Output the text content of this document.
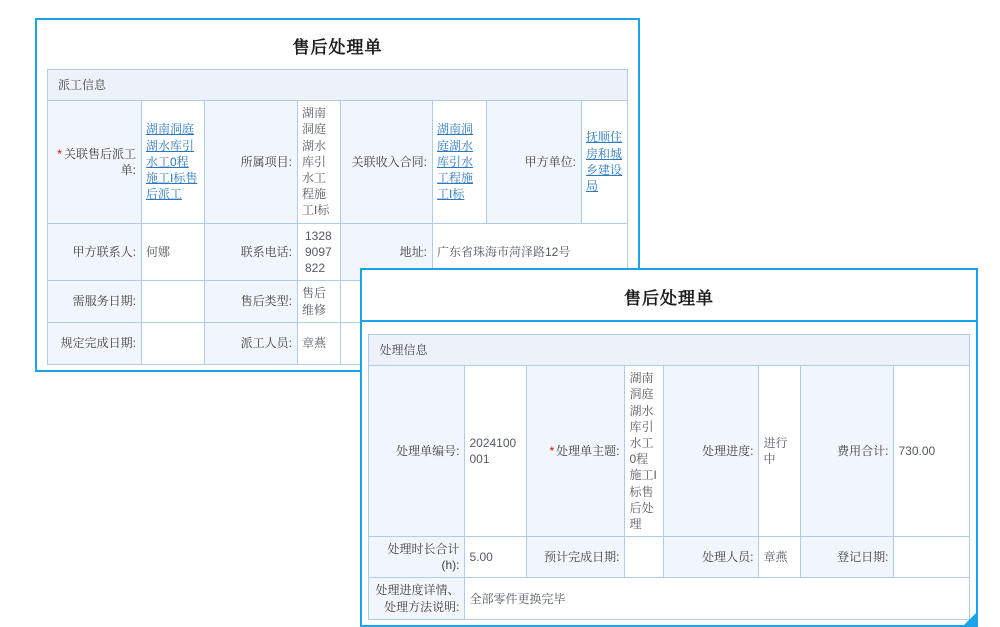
售后处理单
派工信息							
* 关联售后派工单:	湖南洞庭湖水库引水工0程施工I标售后派工	所属项目:	湖南洞庭湖水库引水工程施工I标	关联收入合同:	湖南洞庭湖水库引水工程施工I标	甲方单位:	抚顺住房和城乡建设局
甲方联系人:	何娜	联系电话:	13289097822	地址:	广东省珠海市菏泽路12号		
需服务日期:		售后类型:	售后维修				
规定完成日期:		派工人员:	章燕				
售后处理单
处理信息							
处理单编号:	2024100001	* 处理单主题:	湖南洞庭湖水库引水工0程施工I标售后处理	处理进度:	进行中	费用合计:	730.00
处理时长合计(h):	5.00	预计完成日期:		处理人员:	章燕	登记日期:	
处理进度详情、处理方法说明:	全部零件更换完毕						
